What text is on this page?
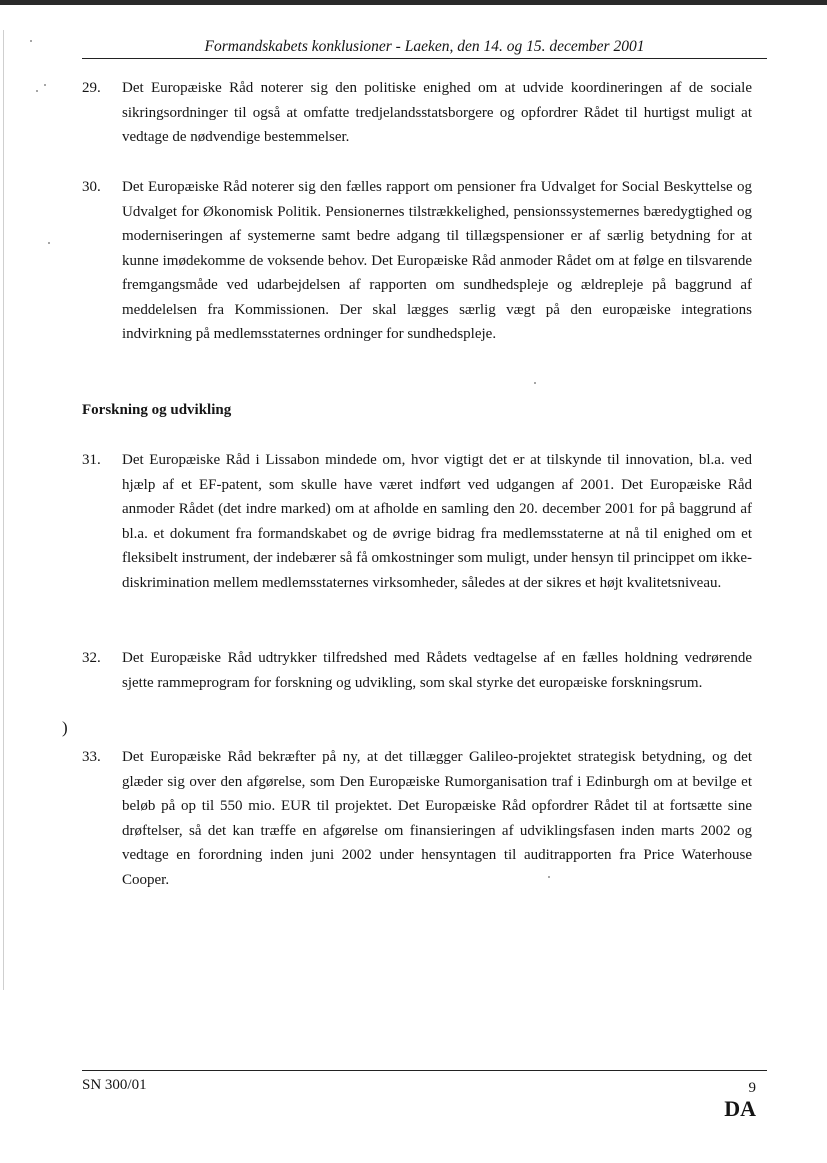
Formandskabets konklusioner - Laeken, den 14. og 15. december 2001
29.	Det Europæiske Råd noterer sig den politiske enighed om at udvide koordineringen af de sociale sikringsordninger til også at omfatte tredjelandsstatsborgere og opfordrer Rådet til hurtigst muligt at vedtage de nødvendige bestemmelser.
30.	Det Europæiske Råd noterer sig den fælles rapport om pensioner fra Udvalget for Social Beskyttelse og Udvalget for Økonomisk Politik. Pensionernes tilstrækkelighed, pensionssystemernes bæredygtighed og moderniseringen af systemerne samt bedre adgang til tillægspensioner er af særlig betydning for at kunne imødekomme de voksende behov. Det Europæiske Råd anmoder Rådet om at følge en tilsvarende fremgangsmåde ved udarbejdelsen af rapporten om sundhedspleje og ældrepleje på baggrund af meddelelsen fra Kommissionen. Der skal lægges særlig vægt på den europæiske integrations indvirkning på medlemsstaternes ordninger for sundhedspleje.
Forskning og udvikling
31.	Det Europæiske Råd i Lissabon mindede om, hvor vigtigt det er at tilskynde til innovation, bl.a. ved hjælp af et EF-patent, som skulle have været indført ved udgangen af 2001. Det Europæiske Råd anmoder Rådet (det indre marked) om at afholde en samling den 20. december 2001 for på baggrund af bl.a. et dokument fra formandskabet og de øvrige bidrag fra medlemsstaterne at nå til enighed om et fleksibelt instrument, der indebærer så få omkostninger som muligt, under hensyn til princippet om ikke-diskrimination mellem medlemsstaternes virksomheder, således at der sikres et højt kvalitetsniveau.
32.	Det Europæiske Råd udtrykker tilfredshed med Rådets vedtagelse af en fælles holdning vedrørende sjette rammeprogram for forskning og udvikling, som skal styrke det europæiske forskningsrum.
)
33.	Det Europæiske Råd bekræfter på ny, at det tillægger Galileo-projektet strategisk betydning, og det glæder sig over den afgørelse, som Den Europæiske Rumorganisation traf i Edinburgh om at bevilge et beløb på op til 550 mio. EUR til projektet. Det Europæiske Råd opfordrer Rådet til at fortsætte sine drøftelser, så det kan træffe en afgørelse om finansieringen af udviklingsfasen inden marts 2002 og vedtage en forordning inden juni 2002 under hensyntagen til auditrapporten fra Price Waterhouse Cooper.
SN 300/01	9
DA
